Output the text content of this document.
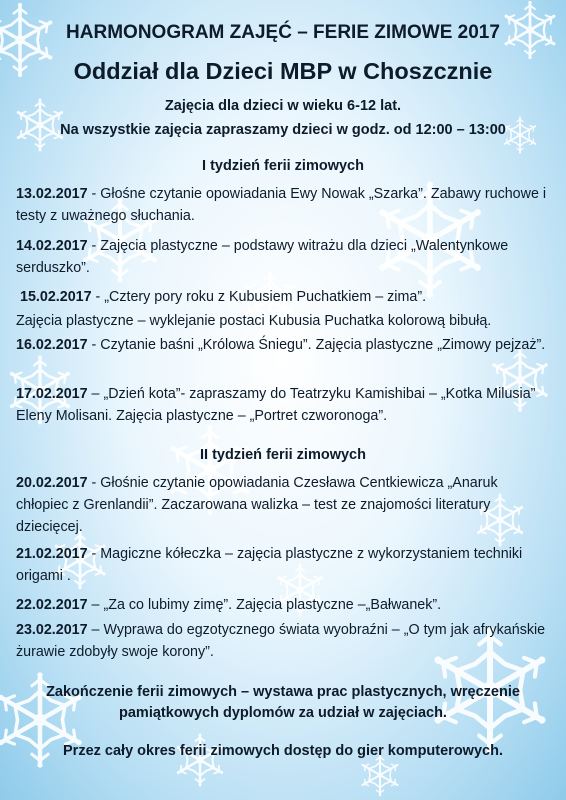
HARMONOGRAM ZAJĘĆ – FERIE ZIMOWE 2017
Oddział dla Dzieci MBP w Choszcznie
Zajęcia dla dzieci w wieku 6-12 lat.
Na wszystkie zajęcia zapraszamy dzieci w godz. od 12:00 – 13:00
I tydzień ferii zimowych
13.02.2017 - Głośne czytanie opowiadania Ewy Nowak „Szarka”. Zabawy ruchowe i testy z uważnego słuchania.
14.02.2017 - Zajęcia plastyczne – podstawy witrażu dla dzieci „Walentynkowe serduszko”.
15.02.2017 - „Cztery pory roku z Kubusiem Puchatkiem – zima”.
Zajęcia plastyczne – wyklejanie postaci Kubusia Puchatka kolorową bibułą.
16.02.2017 - Czytanie baśni „Królowa Śniegu”. Zajęcia plastyczne „Zimowy pejzaż”.
17.02.2017 – „Dzień kota”- zapraszamy do Teatrzyku Kamishibai – „Kotka Milusia” Eleny Molisani. Zajęcia plastyczne – „Portret czworonoga”.
II tydzień ferii zimowych
20.02.2017 - Głośnie czytanie opowiadania Czesława Centkiewicza „Anaruk chłopiec z Grenlandii”. Zaczarowana walizka – test ze znajomości literatury dziecięcej.
21.02.2017 - Magiczne kółeczka – zajęcia plastyczne z wykorzystaniem techniki origami .
22.02.2017 – „Za co lubimy zimę”. Zajęcia plastyczne –„Bałwanek”.
23.02.2017 – Wyprawa do egzotycznego świata wyobraźni – „O tym jak afrykańskie żurawie zdobyły swoje korony”.
Zakończenie ferii zimowych – wystawa prac plastycznych, wręczenie pamiątkowych dyplomów za udział w zajęciach.
Przez cały okres ferii zimowych dostęp do gier komputerowych.
